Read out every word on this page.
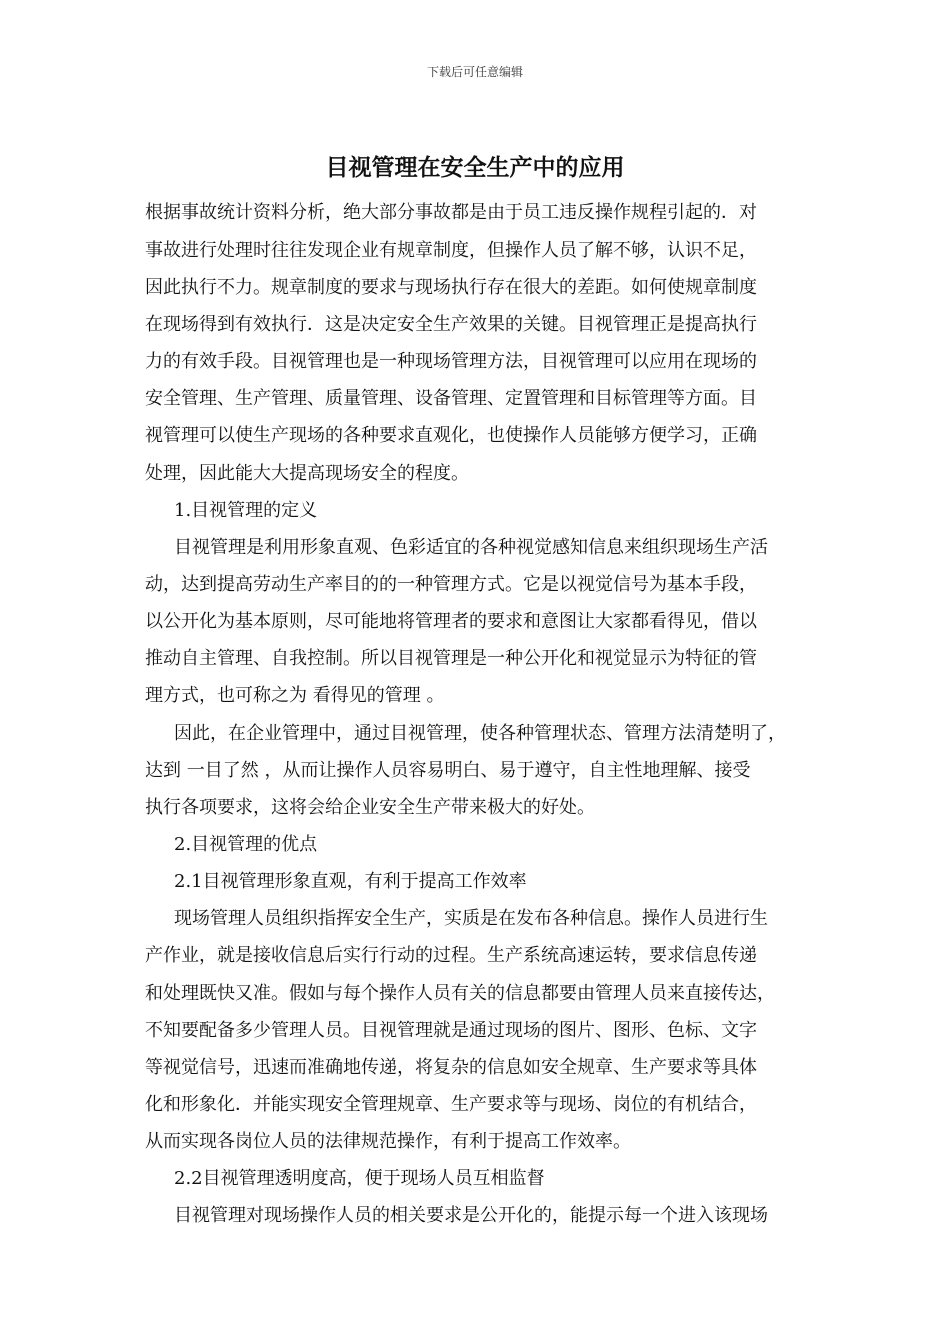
下载后可任意编辑
目视管理在安全生产中的应用

根据事故统计资料分析，绝大部分事故都是由于员工违反操作规程引起的．对

事故进行处理时往往发现企业有规章制度，但操作人员了解不够，认识不足，

因此执行不力。规章制度的要求与现场执行存在很大的差距。如何使规章制度

在现场得到有效执行．这是决定安全生产效果的关键。目视管理正是提高执行

力的有效手段。目视管理也是一种现场管理方法，目视管理可以应用在现场的

安全管理、生产管理、质量管理、设备管理、定置管理和目标管理等方面。目

视管理可以使生产现场的各种要求直观化，也使操作人员能够方便学习，正确

处理，因此能大大提高现场安全的程度。

1.目视管理的定义

目视管理是利用形象直观、色彩适宜的各种视觉感知信息来组织现场生产活

动，达到提高劳动生产率目的的一种管理方式。它是以视觉信号为基本手段，

以公开化为基本原则，尽可能地将管理者的要求和意图让大家都看得见，借以

推动自主管理、自我控制。所以目视管理是一种公开化和视觉显示为特征的管

理方式，也可称之为 看得见的管理 。

因此，在企业管理中，通过目视管理，使各种管理状态、管理方法清楚明了，

达到 一目了然 ，从而让操作人员容易明白、易于遵守，自主性地理解、接受

执行各项要求，这将会给企业安全生产带来极大的好处。

2.目视管理的优点

2.1目视管理形象直观，有利于提高工作效率

现场管理人员组织指挥安全生产，实质是在发布各种信息。操作人员进行生

产作业，就是接收信息后实行行动的过程。生产系统高速运转，要求信息传递

和处理既快又准。假如与每个操作人员有关的信息都要由管理人员来直接传达，

不知要配备多少管理人员。目视管理就是通过现场的图片、图形、色标、文字

等视觉信号，迅速而准确地传递，将复杂的信息如安全规章、生产要求等具体

化和形象化．并能实现安全管理规章、生产要求等与现场、岗位的有机结合，

从而实现各岗位人员的法律规范操作，有利于提高工作效率。

2.2目视管理透明度高，便于现场人员互相监督

目视管理对现场操作人员的相关要求是公开化的，能提示每一个进入该现场
